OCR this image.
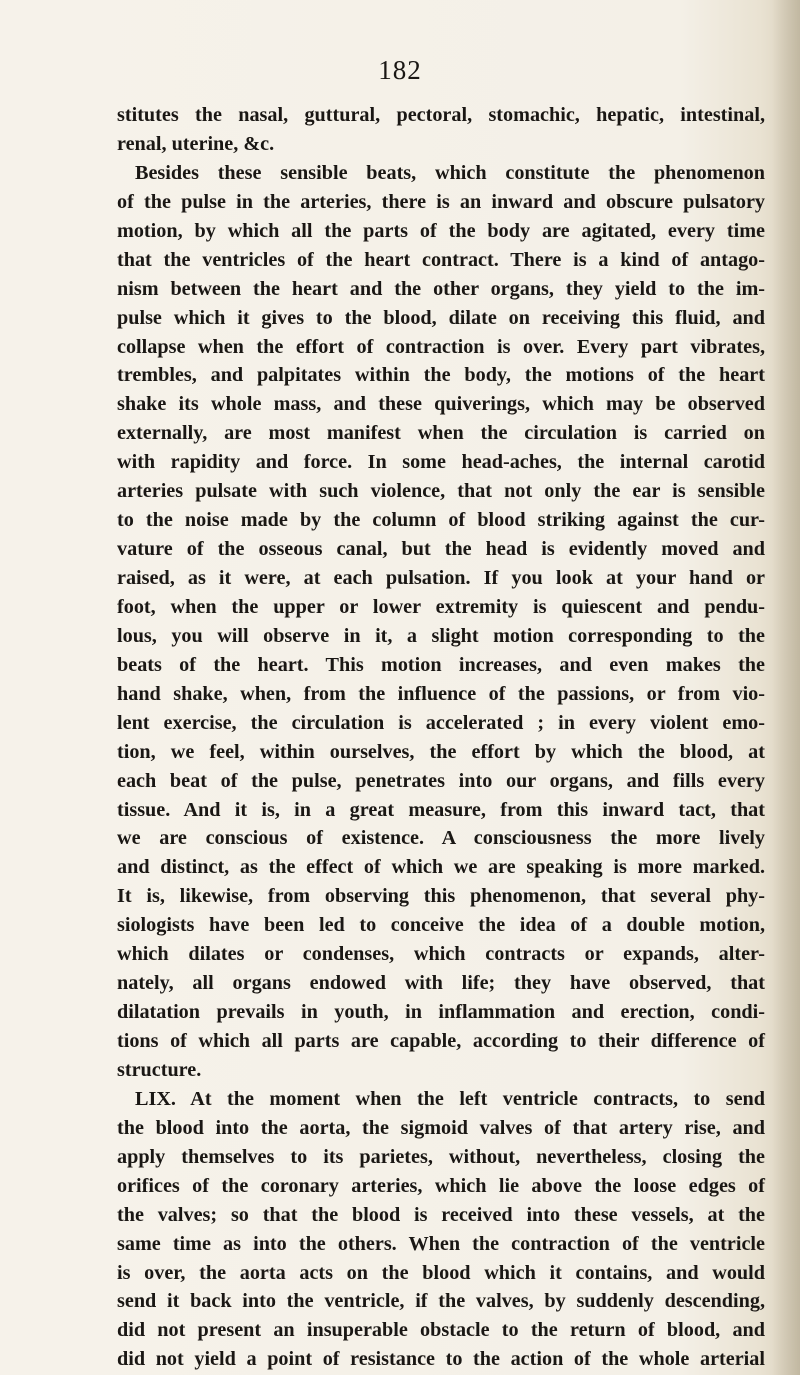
182
stitutes the nasal, guttural, pectoral, stomachic, hepatic, intestinal,
renal, uterine, &c.
Besides these sensible beats, which constitute the phenomenon
of the pulse in the arteries, there is an inward and obscure pulsatory
motion, by which all the parts of the body are agitated, every time
that the ventricles of the heart contract. There is a kind of antago-
nism between the heart and the other organs, they yield to the im-
pulse which it gives to the blood, dilate on receiving this fluid, and
collapse when the effort of contraction is over. Every part vibrates,
trembles, and palpitates within the body, the motions of the heart
shake its whole mass, and these quiverings, which may be observed
externally, are most manifest when the circulation is carried on
with rapidity and force. In some head-aches, the internal carotid
arteries pulsate with such violence, that not only the ear is sensible
to the noise made by the column of blood striking against the cur-
vature of the osseous canal, but the head is evidently moved and
raised, as it were, at each pulsation. If you look at your hand or
foot, when the upper or lower extremity is quiescent and pendu-
lous, you will observe in it, a slight motion corresponding to the
beats of the heart. This motion increases, and even makes the
hand shake, when, from the influence of the passions, or from vio-
lent exercise, the circulation is accelerated ; in every violent emo-
tion, we feel, within ourselves, the effort by which the blood, at
each beat of the pulse, penetrates into our organs, and fills every
tissue. And it is, in a great measure, from this inward tact, that
we are conscious of existence. A consciousness the more lively
and distinct, as the effect of which we are speaking is more marked.
It is, likewise, from observing this phenomenon, that several phy-
siologists have been led to conceive the idea of a double motion,
which dilates or condenses, which contracts or expands, alter-
nately, all organs endowed with life; they have observed, that
dilatation prevails in youth, in inflammation and erection, condi-
tions of which all parts are capable, according to their difference of
structure.
LIX. At the moment when the left ventricle contracts, to send
the blood into the aorta, the sigmoid valves of that artery rise, and
apply themselves to its parietes, without, nevertheless, closing the
orifices of the coronary arteries, which lie above the loose edges of
the valves; so that the blood is received into these vessels, at the
same time as into the others. When the contraction of the ventricle
is over, the aorta acts on the blood which it contains, and would
send it back into the ventricle, if the valves, by suddenly descending,
did not present an insuperable obstacle to the return of blood, and
did not yield a point of resistance to the action of the whole arterial
